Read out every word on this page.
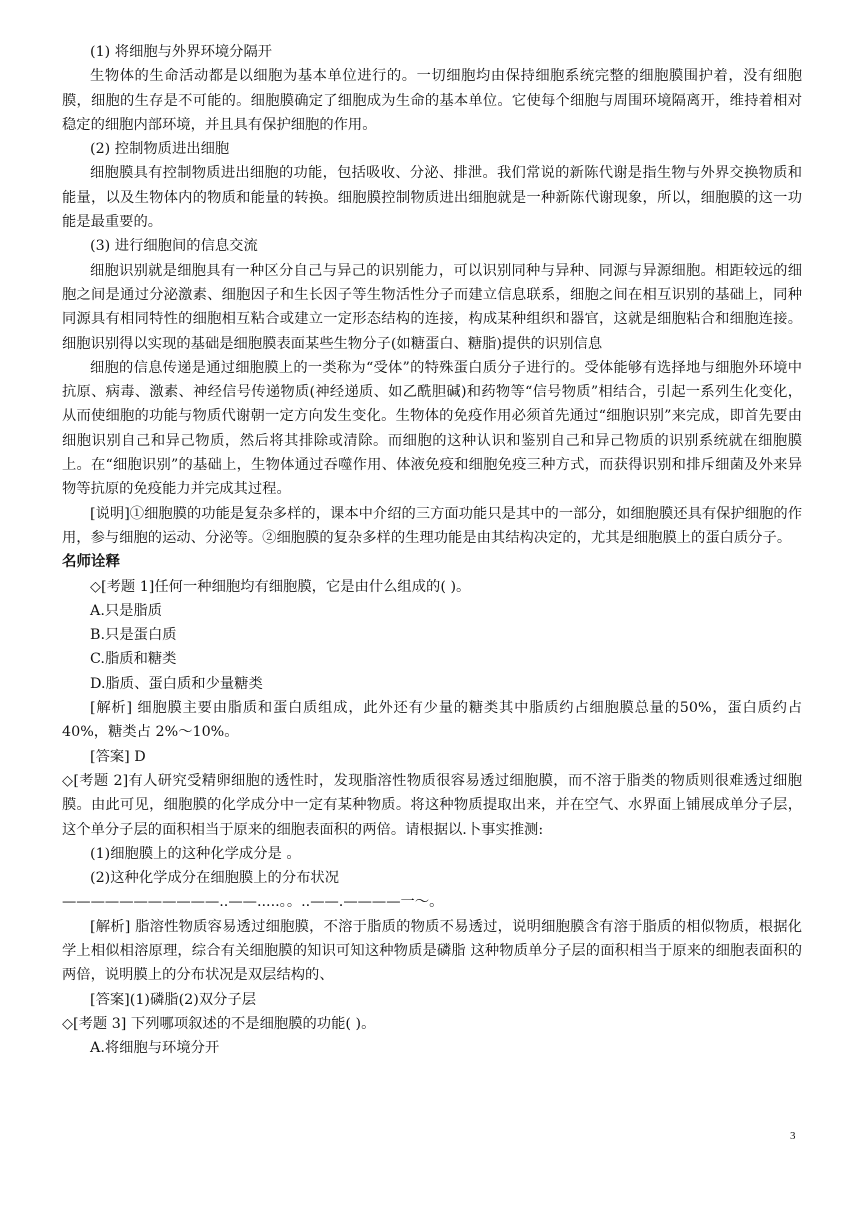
(1) 将细胞与外界环境分隔开

生物体的生命活动都是以细胞为基本单位进行的。一切细胞均由保持细胞系统完整的细胞膜围护着，没有细胞膜，细胞的生存是不可能的。细胞膜确定了细胞成为生命的基本单位。它使每个细胞与周围环境隔离开，维持着相对稳定的细胞内部环境，并且具有保护细胞的作用。

(2) 控制物质进出细胞

细胞膜具有控制物质进出细胞的功能，包括吸收、分泌、排泄。我们常说的新陈代谢是指生物与外界交换物质和能量，以及生物体内的物质和能量的转换。细胞膜控制物质进出细胞就是一种新陈代谢现象，所以，细胞膜的这一功能是最重要的。

(3) 进行细胞间的信息交流

细胞识别就是细胞具有一种区分自己与异己的识别能力，可以识别同种与异种、同源与异源细胞。相距较远的细胞之间是通过分泌激素、细胞因子和生长因子等生物活性分子而建立信息联系，细胞之间在相互识别的基础上，同种同源具有相同特性的细胞相互粘合或建立一定形态结构的连接，构成某种组织和器官，这就是细胞粘合和细胞连接。细胞识别得以实现的基础是细胞膜表面某些生物分子(如糖蛋白、糖脂)提供的识别信息

细胞的信息传递是通过细胞膜上的一类称为“受体”的特殊蛋白质分子进行的。受体能够有选择地与细胞外环境中抗原、病毒、激素、神经信号传递物质(神经递质、如乙酰胆碱)和药物等“信号物质”相结合，引起一系列生化变化，从而使细胞的功能与物质代谢朝一定方向发生变化。生物体的免疫作用必须首先通过“细胞识别”来完成，即首先要由细胞识别自己和异己物质，然后将其排除或清除。而细胞的这种认识和鉴别自己和异己物质的识别系统就在细胞膜上。在“细胞识别”的基础上，生物体通过吞噬作用、体液免疫和细胞免疫三种方式，而获得识别和排斥细菌及外来异物等抗原的免疫能力并完成其过程。

[说明]①细胞膜的功能是复杂多样的，课本中介绍的三方面功能只是其中的一部分，如细胞膜还具有保护细胞的作用，参与细胞的运动、分泌等。②细胞膜的复杂多样的生理功能是由其结构决定的，尤其是细胞膜上的蛋白质分子。

名师诠释

◇[考题 1]任何一种细胞均有细胞膜，它是由什么组成的( )。

A.只是脂质

B.只是蛋白质

C.脂质和糖类

D.脂质、蛋白质和少量糖类

[解析] 细胞膜主要由脂质和蛋白质组成，此外还有少量的糖类其中脂质约占细胞膜总量的50%，蛋白质约占 40%，糖类占 2%～10%。

[答案] D

◇[考题 2]有人研究受精卵细胞的透性时，发现脂溶性物质很容易透过细胞膜，而不溶于脂类的物质则很难透过细胞膜。由此可见，细胞膜的化学成分中一定有某种物质。将这种物质提取出来，并在空气、水界面上铺展成单分子层，这个单分子层的面积相当于原来的细胞表面积的两倍。请根据以.卜事实推测:

(1)细胞膜上的这种化学成分是 。

(2)这种化学成分在细胞膜上的分布状况

———————————..——.....。。..——.————一～。

[解析] 脂溶性物质容易透过细胞膜，不溶于脂质的物质不易透过，说明细胞膜含有溶于脂质的相似物质，根据化学上相似相溶原理，综合有关细胞膜的知识可知这种物质是磷脂 这种物质单分子层的面积相当于原来的细胞表面积的两倍，说明膜上的分布状况是双层结构的、

[答案](1)磷脂(2)双分子层

◇[考题 3] 下列哪项叙述的不是细胞膜的功能( )。

A.将细胞与环境分开

3
